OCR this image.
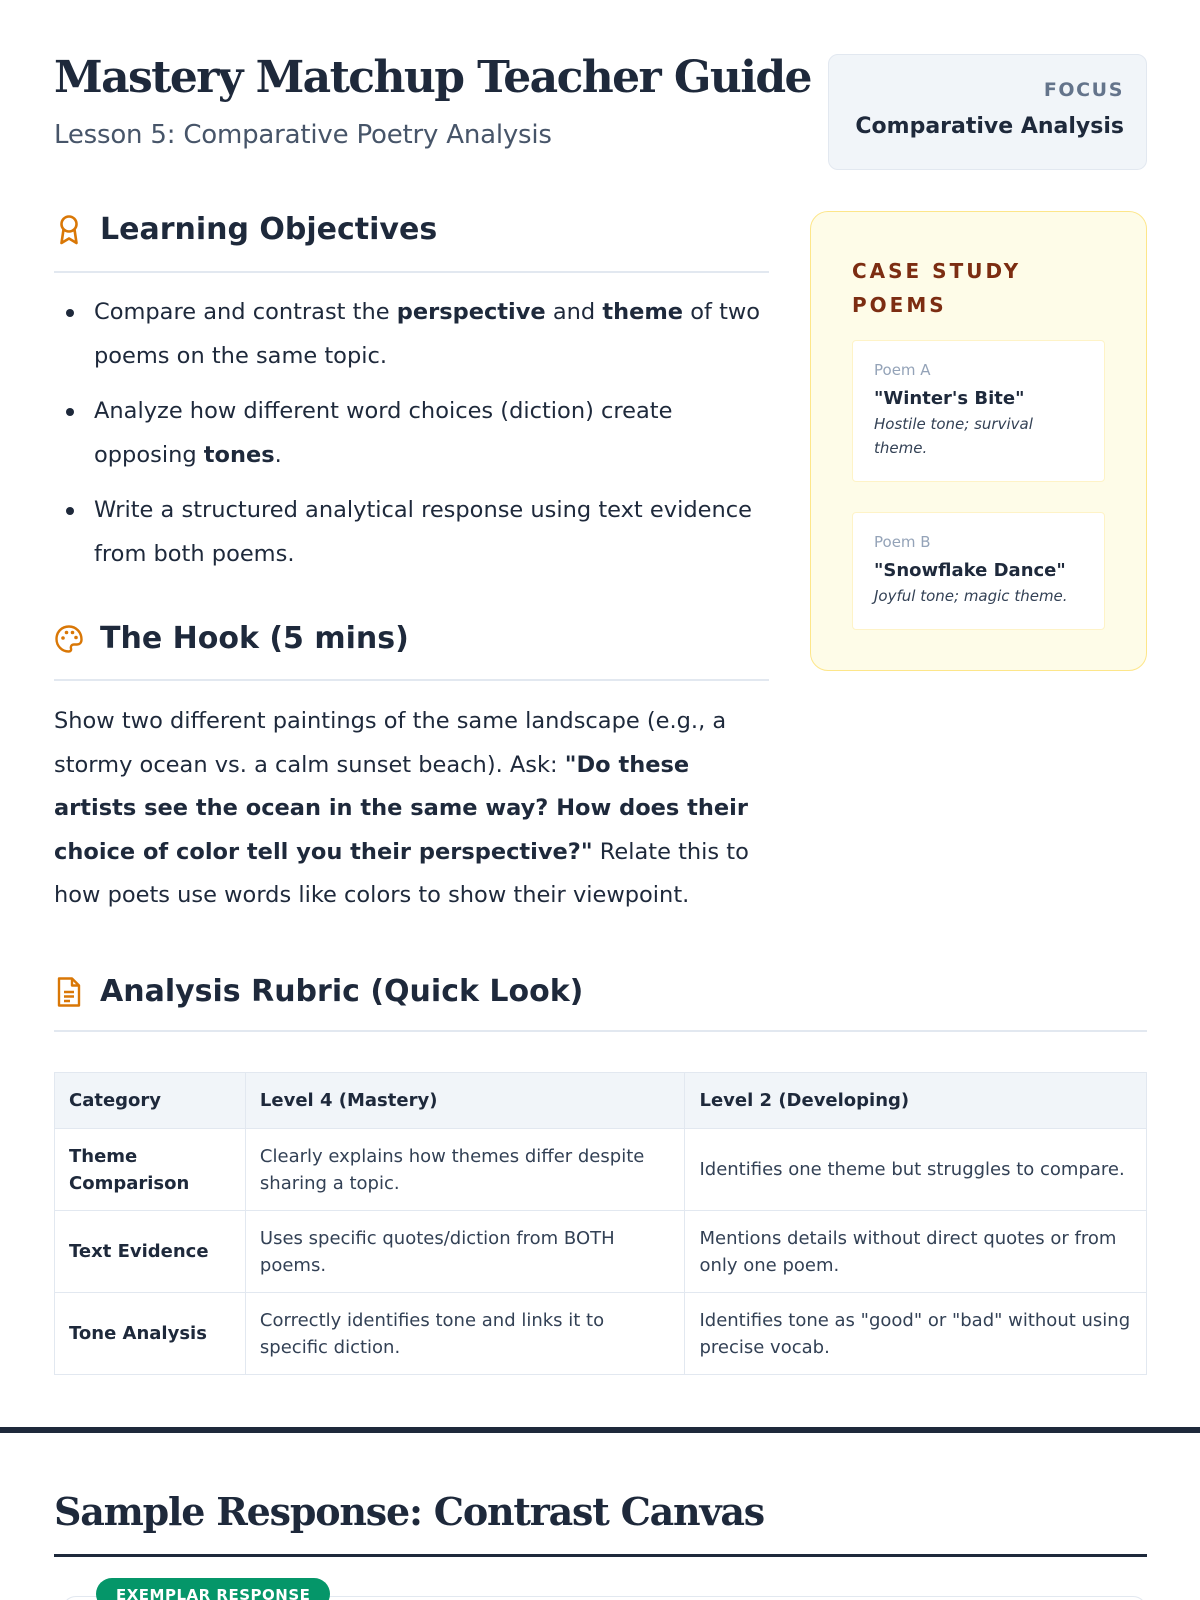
Mastery Matchup Teacher Guide
Lesson 5: Comparative Poetry Analysis
FOCUS
Comparative Analysis
Learning Objectives
Compare and contrast the perspective and theme of two poems on the same topic.
Analyze how different word choices (diction) create opposing tones.
Write a structured analytical response using text evidence from both poems.
The Hook (5 mins)
Show two different paintings of the same landscape (e.g., a stormy ocean vs. a calm sunset beach). Ask: "Do these artists see the ocean in the same way? How does their choice of color tell you their perspective?" Relate this to how poets use words like colors to show their viewpoint.
CASE STUDY POEMS
Poem A
"Winter's Bite"
Hostile tone; survival theme.
Poem B
"Snowflake Dance"
Joyful tone; magic theme.
Analysis Rubric (Quick Look)
Category	Level 4 (Mastery)	Level 2 (Developing)
Theme Comparison	Clearly explains how themes differ despite sharing a topic.	Identifies one theme but struggles to compare.
Text Evidence	Uses specific quotes/diction from BOTH poems.	Mentions details without direct quotes or from only one poem.
Tone Analysis	Correctly identifies tone and links it to specific diction.	Identifies tone as "good" or "bad" without using precise vocab.
Sample Response: Contrast Canvas
EXEMPLAR RESPONSE
